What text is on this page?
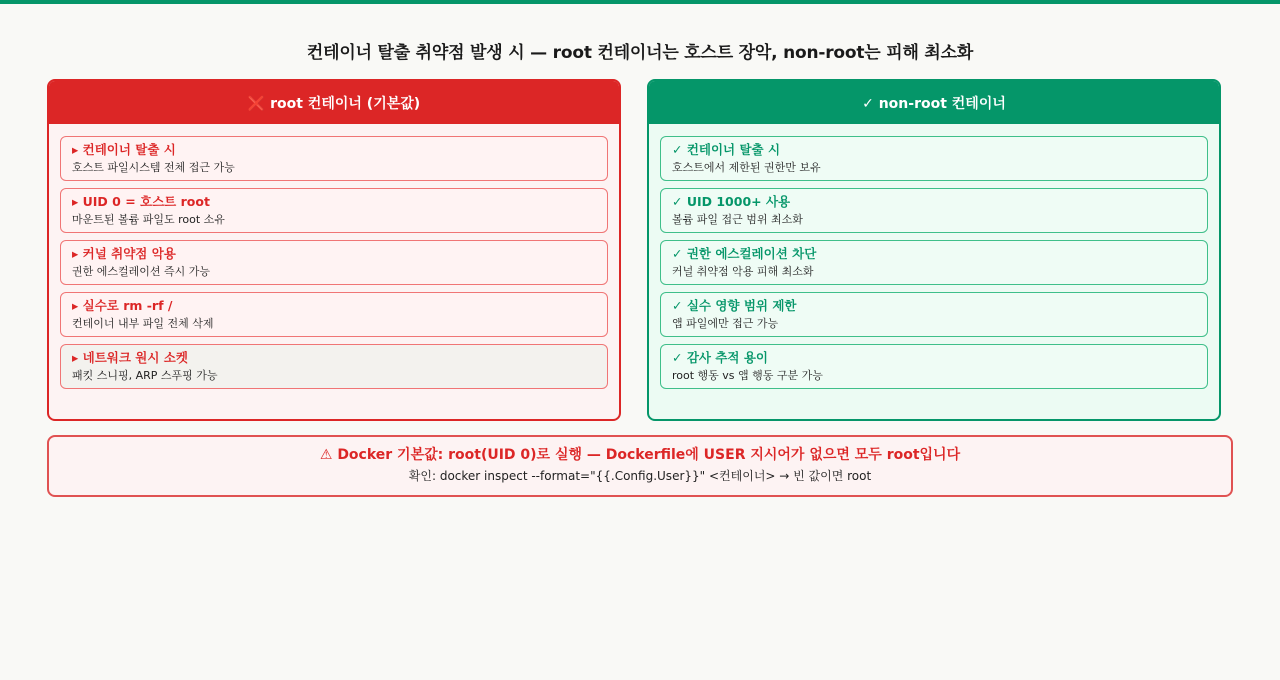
컨테이너 탈출 취약점 발생 시 — root 컨테이너는 호스트 장악, non-root는 피해 최소화
❌ root 컨테이너 (기본값)
▸ 컨테이너 탈출 시
호스트 파일시스템 전체 접근 가능
▸ UID 0 = 호스트 root
마운트된 볼륨 파일도 root 소유
▸ 커널 취약점 악용
권한 에스컬레이션 즉시 가능
▸ 실수로 rm -rf /
컨테이너 내부 파일 전체 삭제
▸ 네트워크 원시 소켓
패킷 스니핑, ARP 스푸핑 가능
✓ non-root 컨테이너
✓ 컨테이너 탈출 시
호스트에서 제한된 권한만 보유
✓ UID 1000+ 사용
볼륨 파일 접근 범위 최소화
✓ 권한 에스컬레이션 차단
커널 취약점 악용 피해 최소화
✓ 실수 영향 범위 제한
앱 파일에만 접근 가능
✓ 감사 추적 용이
root 행동 vs 앱 행동 구분 가능
⚠ Docker 기본값: root(UID 0)로 실행 — Dockerfile에 USER 지시어가 없으면 모두 root입니다
확인: docker inspect --format="{{.Config.User}}" <컨테이너> → 빈 값이면 root
